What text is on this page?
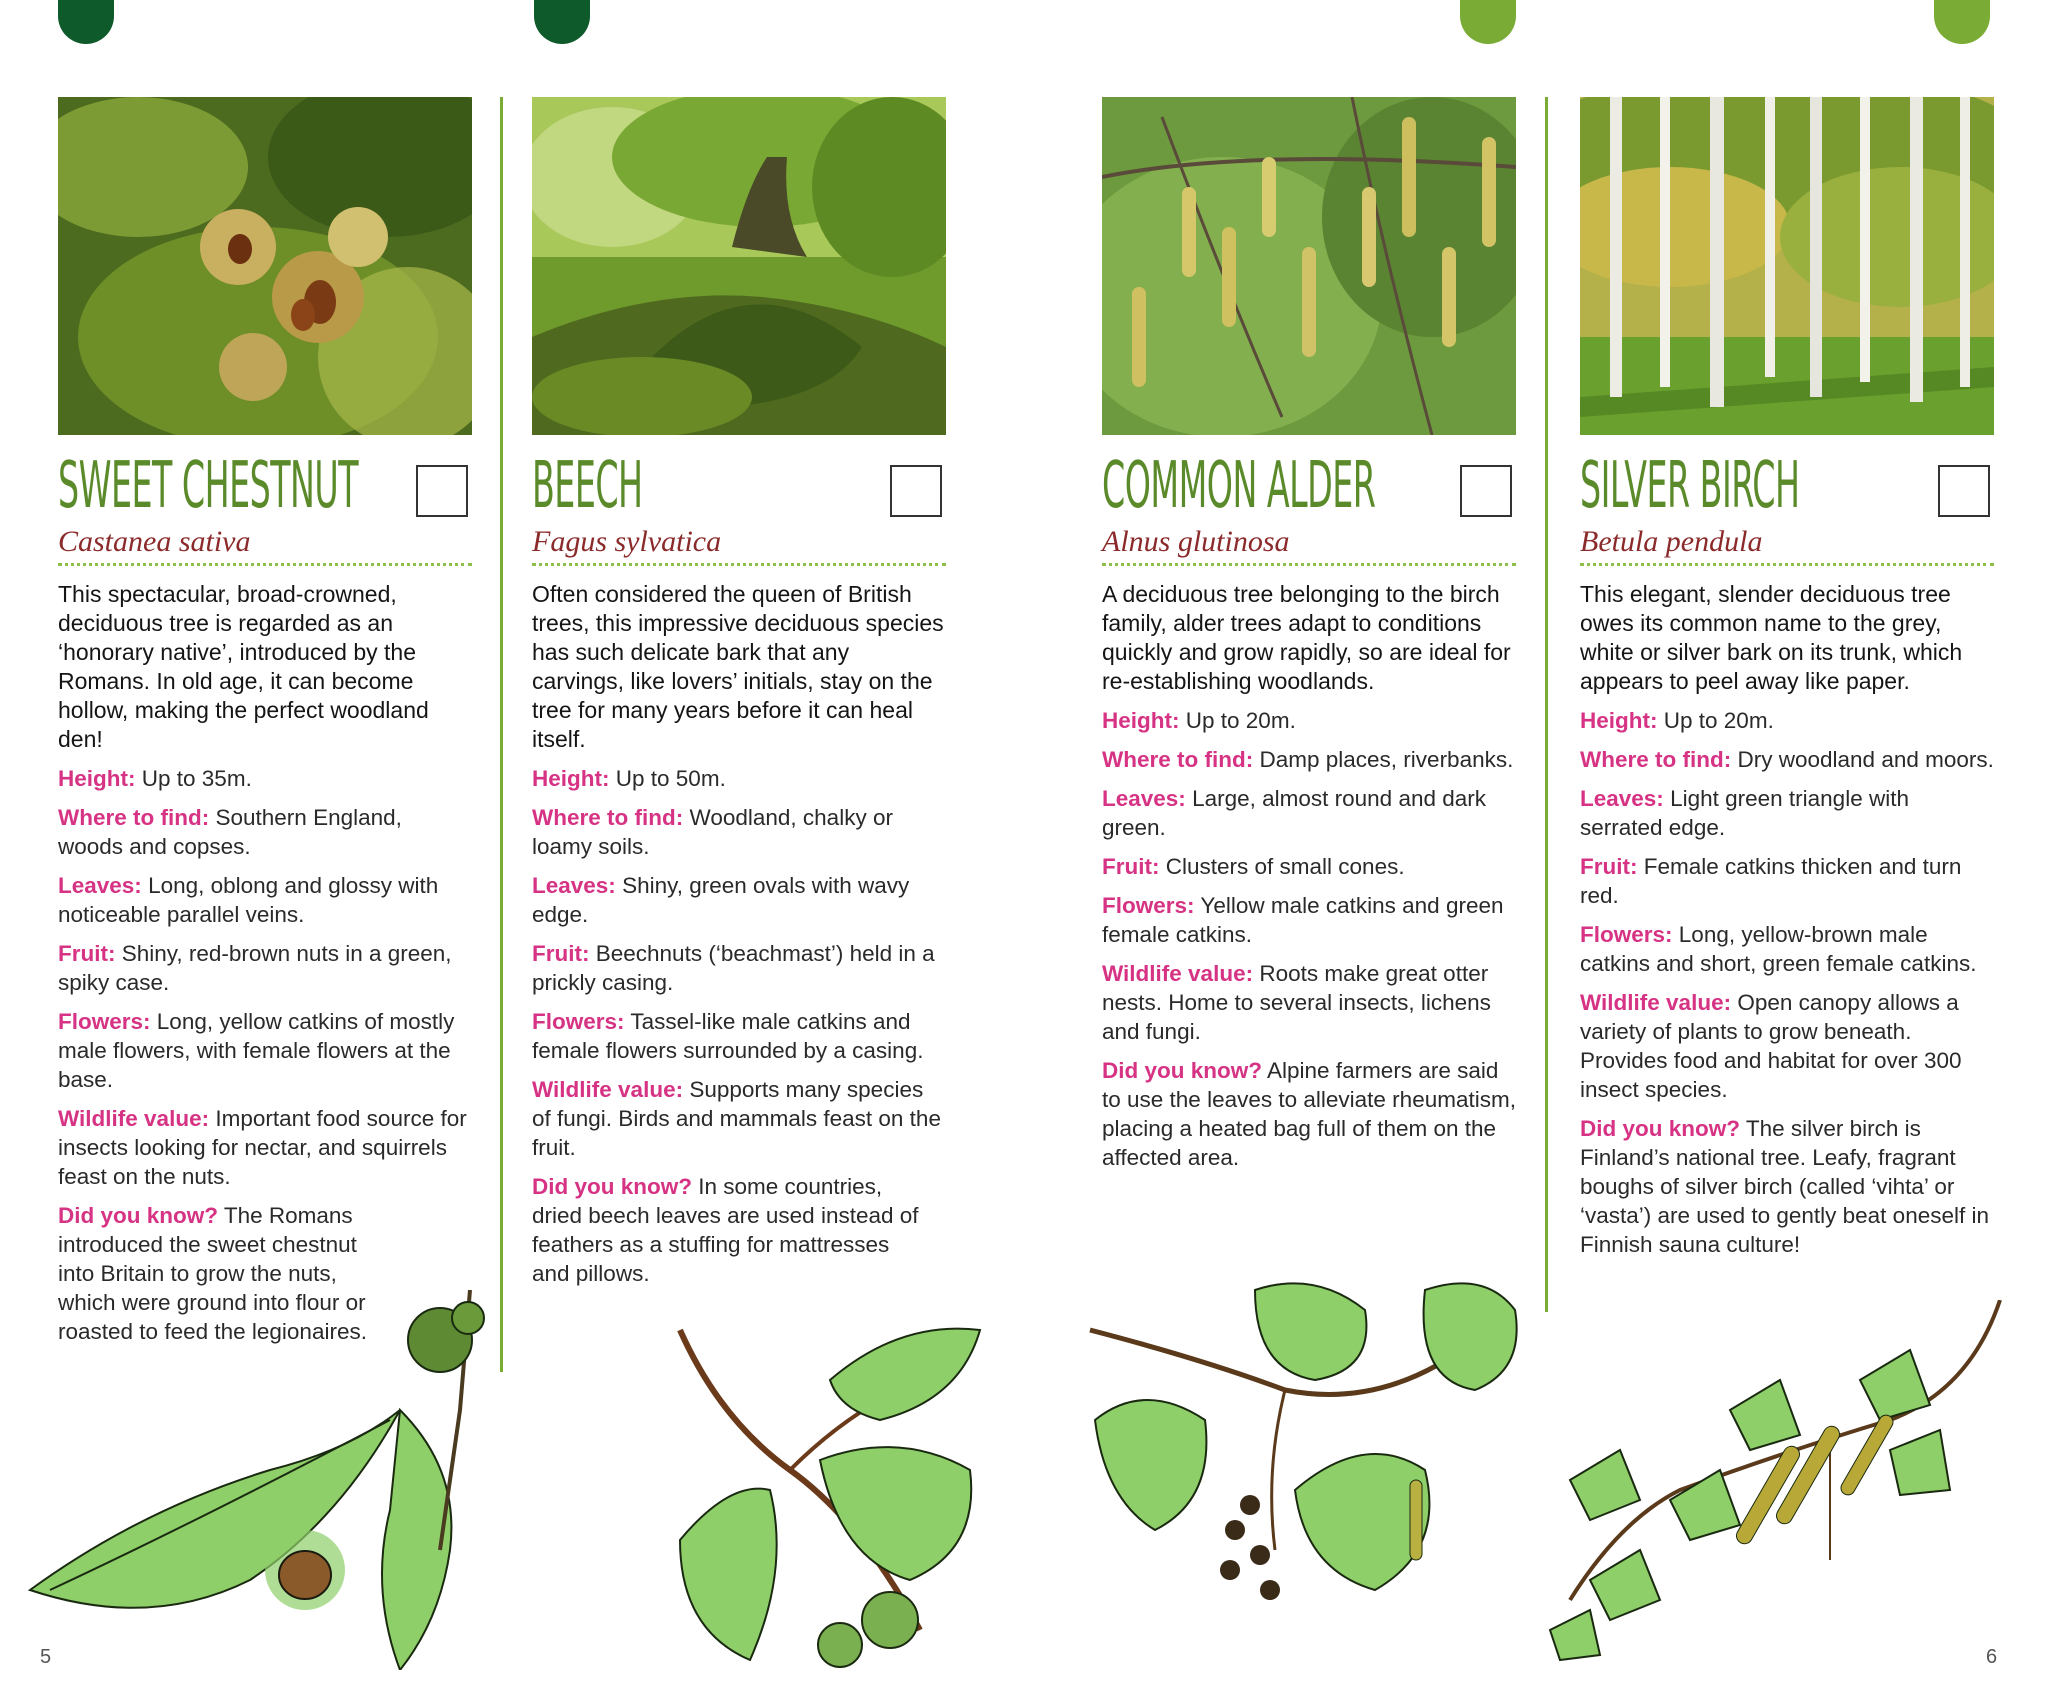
SWEET CHESTNUT
Castanea sativa
This spectacular, broad-crowned, deciduous tree is regarded as an ‘honorary native’, introduced by the Romans. In old age, it can become hollow, making the perfect woodland den!
Height: Up to 35m.
Where to find: Southern England, woods and copses.
Leaves: Long, oblong and glossy with noticeable parallel veins.
Fruit: Shiny, red-brown nuts in a green, spiky case.
Flowers: Long, yellow catkins of mostly male flowers, with female flowers at the base.
Wildlife value: Important food source for insects looking for nectar, and squirrels feast on the nuts.
Did you know? The Romans introduced the sweet chestnut into Britain to grow the nuts, which were ground into flour or roasted to feed the legionaires.
BEECH
Fagus sylvatica
Often considered the queen of British trees, this impressive deciduous species has such delicate bark that any carvings, like lovers’ initials, stay on the tree for many years before it can heal itself.
Height: Up to 50m.
Where to find: Woodland, chalky or loamy soils.
Leaves: Shiny, green ovals with wavy edge.
Fruit: Beechnuts (‘beachmast’) held in a prickly casing.
Flowers: Tassel-like male catkins and female flowers surrounded by a casing.
Wildlife value: Supports many species of fungi. Birds and mammals feast on the fruit.
Did you know? In some countries, dried beech leaves are used instead of feathers as a stuffing for mattresses and pillows.
COMMON ALDER
Alnus glutinosa
A deciduous tree belonging to the birch family, alder trees adapt to conditions quickly and grow rapidly, so are ideal for re-establishing woodlands.
Height: Up to 20m.
Where to find: Damp places, riverbanks.
Leaves: Large, almost round and dark green.
Fruit: Clusters of small cones.
Flowers: Yellow male catkins and green female catkins.
Wildlife value: Roots make great otter nests. Home to several insects, lichens and fungi.
Did you know? Alpine farmers are said to use the leaves to alleviate rheumatism, placing a heated bag full of them on the affected area.
SILVER BIRCH
Betula pendula
This elegant, slender deciduous tree owes its common name to the grey, white or silver bark on its trunk, which appears to peel away like paper.
Height: Up to 20m.
Where to find: Dry woodland and moors.
Leaves: Light green triangle with serrated edge.
Fruit: Female catkins thicken and turn red.
Flowers: Long, yellow-brown male catkins and short, green female catkins.
Wildlife value: Open canopy allows a variety of plants to grow beneath. Provides food and habitat for over 300 insect species.
Did you know? The silver birch is Finland’s national tree. Leafy, fragrant boughs of silver birch (called ‘vihta’ or ‘vasta’) are used to gently beat oneself in Finnish sauna culture!
5	6
